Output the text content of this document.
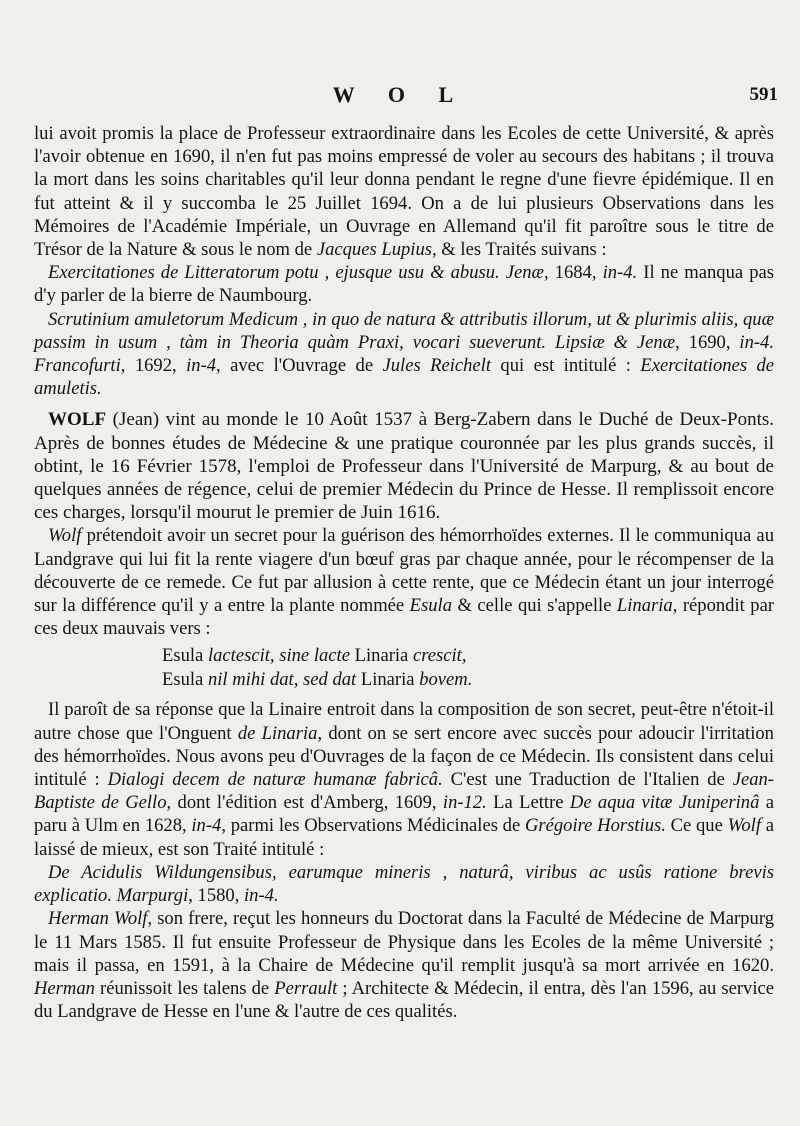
W O L	591

lui avoit promis la place de Professeur extraordinaire dans les Ecoles de cette Université, & après l'avoir obtenue en 1690, il n'en fut pas moins empressé de voler au secours des habitans ; il trouva la mort dans les soins charitables qu'il leur donna pendant le regne d'une fievre épidémique. Il en fut atteint & il y succomba le 25 Juillet 1694. On a de lui plusieurs Observations dans les Mémoires de l'Académie Impériale, un Ouvrage en Allemand qu'il fit paroître sous le titre de Trésor de la Nature & sous le nom de Jacques Lupius, & les Traités suivans :

Exercitationes de Litteratorum potu , ejusque usu & abusu. Jenæ, 1684, in-4. Il ne manqua pas d'y parler de la bierre de Naumbourg.

Scrutinium amuletorum Medicum , in quo de natura & attributis illorum, ut & plurimis aliis, quæ passim in usum , tàm in Theoria quàm Praxi, vocari sueverunt. Lipsiæ & Jenæ, 1690, in-4. Francofurti, 1692, in-4, avec l'Ouvrage de Jules Reichelt qui est intitulé : Exercitationes de amuletis.

WOLF (Jean) vint au monde le 10 Août 1537 à Berg-Zabern dans le Duché de Deux-Ponts. Après de bonnes études de Médecine & une pratique couronnée par les plus grands succès, il obtint, le 16 Février 1578, l'emploi de Professeur dans l'Université de Marpurg, & au bout de quelques années de régence, celui de premier Médecin du Prince de Hesse. Il remplissoit encore ces charges, lorsqu'il mourut le premier de Juin 1616.

Wolf prétendoit avoir un secret pour la guérison des hémorrhoïdes externes. Il le communiqua au Landgrave qui lui fit la rente viagere d'un bœuf gras par chaque année, pour le récompenser de la découverte de ce remede. Ce fut par allusion à cette rente, que ce Médecin étant un jour interrogé sur la différence qu'il y a entre la plante nommée Esula & celle qui s'appelle Linaria, répondit par ces deux mauvais vers :

Esula lactescit, sine lacte Linaria crescit,
Esula nil mihi dat, sed dat Linaria bovem.

Il paroît de sa réponse que la Linaire entroit dans la composition de son secret, peut-être n'étoit-il autre chose que l'Onguent de Linaria, dont on se sert encore avec succès pour adoucir l'irritation des hémorrhoïdes. Nous avons peu d'Ouvrages de la façon de ce Médecin. Ils consistent dans celui intitulé : Dialogi decem de naturæ humanæ fabricâ. C'est une Traduction de l'Italien de Jean-Baptiste de Gello, dont l'édition est d'Amberg, 1609, in-12. La Lettre De aqua vitæ Juniperinâ a paru à Ulm en 1628, in-4, parmi les Observations Médicinales de Grégoire Horstius. Ce que Wolf a laissé de mieux, est son Traité intitulé :

De Acidulis Wildungensibus, earumque mineris , naturâ, viribus ac usûs ratione brevis explicatio. Marpurgi, 1580, in-4.

Herman Wolf, son frere, reçut les honneurs du Doctorat dans la Faculté de Médecine de Marpurg le 11 Mars 1585. Il fut ensuite Professeur de Physique dans les Ecoles de la même Université ; mais il passa, en 1591, à la Chaire de Médecine qu'il remplit jusqu'à sa mort arrivée en 1620. Herman réunissoit les talens de Perrault ; Architecte & Médecin, il entra, dès l'an 1596, au service du Landgrave de Hesse en l'une & l'autre de ces qualités.
